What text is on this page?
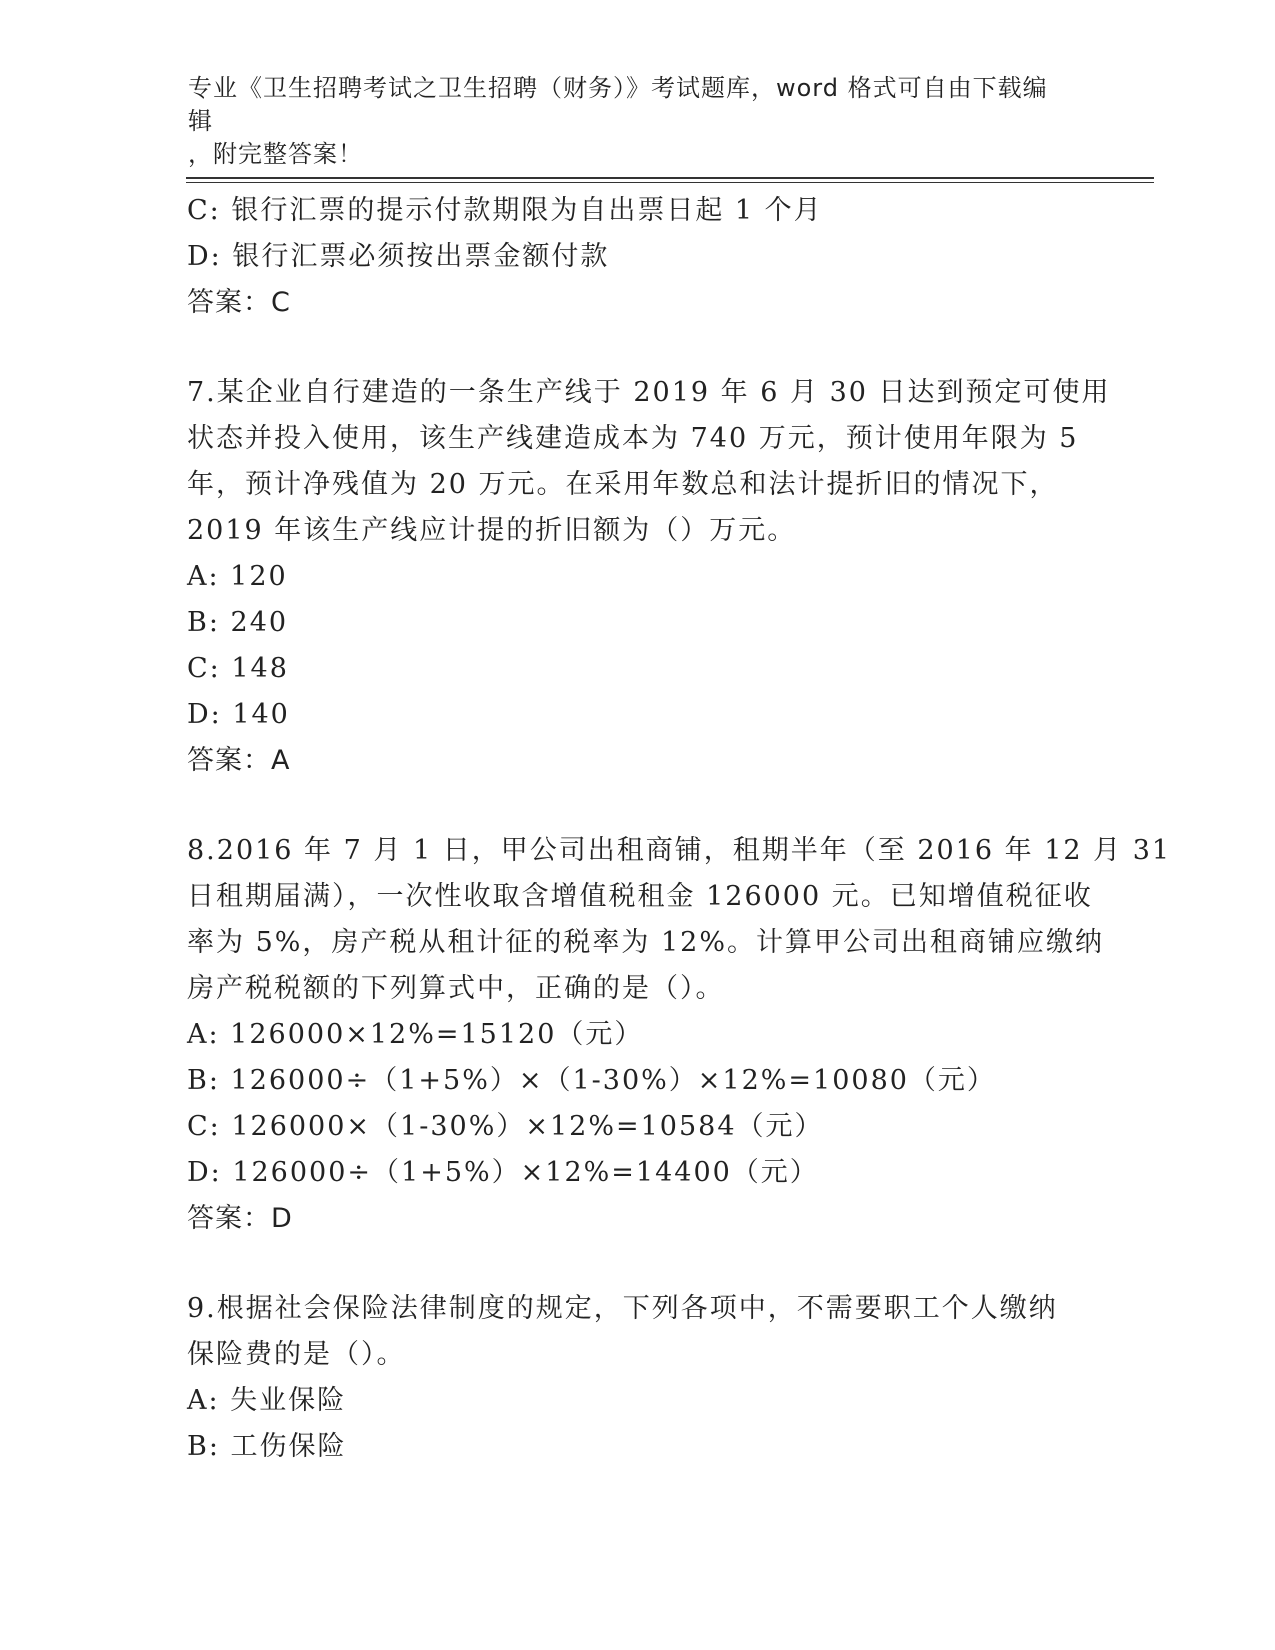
专业《卫生招聘考试之卫生招聘（财务）》考试题库，word 格式可自由下载编辑
，附完整答案！
C: 银行汇票的提示付款期限为自出票日起 1 个月
D: 银行汇票必须按出票金额付款
答案：C
7.某企业自行建造的一条生产线于 2019 年 6 月 30 日达到预定可使用
状态并投入使用，该生产线建造成本为 740 万元，预计使用年限为 5
年，预计净残值为 20 万元。在采用年数总和法计提折旧的情况下，
2019 年该生产线应计提的折旧额为（）万元。
A: 120
B: 240
C: 148
D: 140
答案：A
8.2016 年 7 月 1 日，甲公司出租商铺，租期半年（至 2016 年 12 月 31
日租期届满），一次性收取含增值税租金 126000 元。已知增值税征收
率为 5%，房产税从租计征的税率为 12%。计算甲公司出租商铺应缴纳
房产税税额的下列算式中，正确的是（）。
A: 126000×12%=15120（元）
B: 126000÷（1+5%）×（1-30%）×12%=10080（元）
C: 126000×（1-30%）×12%=10584（元）
D: 126000÷（1+5%）×12%=14400（元）
答案：D
9.根据社会保险法律制度的规定，下列各项中，不需要职工个人缴纳
保险费的是（）。
A: 失业保险
B: 工伤保险
